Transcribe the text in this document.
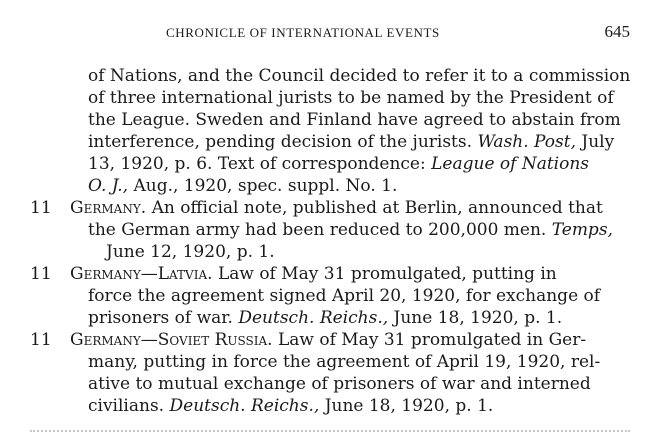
CHRONICLE OF INTERNATIONAL EVENTS	645
of Nations, and the Council decided to refer it to a commission
of three international jurists to be named by the President of
the League. Sweden and Finland have agreed to abstain from
interference, pending decision of the jurists. Wash. Post, July
13, 1920, p. 6. Text of correspondence: League of Nations
O. J., Aug., 1920, spec. suppl. No. 1.
11 Germany. An official note, published at Berlin, announced that
the German army had been reduced to 200,000 men. Temps,
June 12, 1920, p. 1.
11 Germany—Latvia. Law of May 31 promulgated, putting in
force the agreement signed April 20, 1920, for exchange of
prisoners of war. Deutsch. Reichs., June 18, 1920, p. 1.
11 Germany—Soviet Russia. Law of May 31 promulgated in Ger-
many, putting in force the agreement of April 19, 1920, rel-
ative to mutual exchange of prisoners of war and interned
civilians. Deutsch. Reichs., June 18, 1920, p. 1.
